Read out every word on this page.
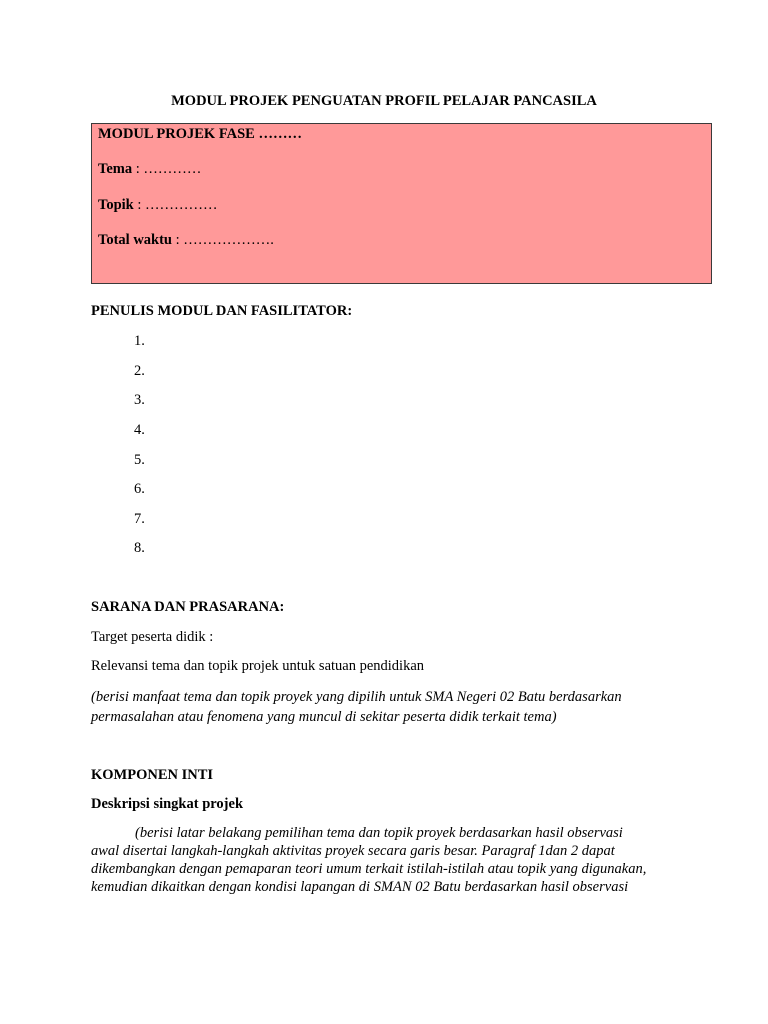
MODUL PROJEK PENGUATAN PROFIL PELAJAR PANCASILA
MODUL PROJEK FASE ………
Tema : …………
Topik : ……………
Total waktu : ……………….
PENULIS MODUL DAN FASILITATOR:
1.
2.
3.
4.
5.
6.
7.
8.
SARANA DAN PRASARANA:
Target peserta didik :
Relevansi tema dan topik projek untuk satuan pendidikan
(berisi manfaat tema dan topik proyek yang dipilih untuk SMA Negeri 02 Batu berdasarkan
permasalahan atau fenomena yang muncul di sekitar peserta didik terkait tema)
KOMPONEN INTI
Deskripsi singkat projek
(berisi latar belakang pemilihan tema dan topik proyek berdasarkan hasil observasi
awal disertai langkah-langkah aktivitas proyek secara garis besar. Paragraf 1dan 2 dapat
dikembangkan dengan pemaparan teori umum terkait istilah-istilah atau topik yang digunakan,
kemudian dikaitkan dengan kondisi lapangan di SMAN 02 Batu berdasarkan hasil observasi
